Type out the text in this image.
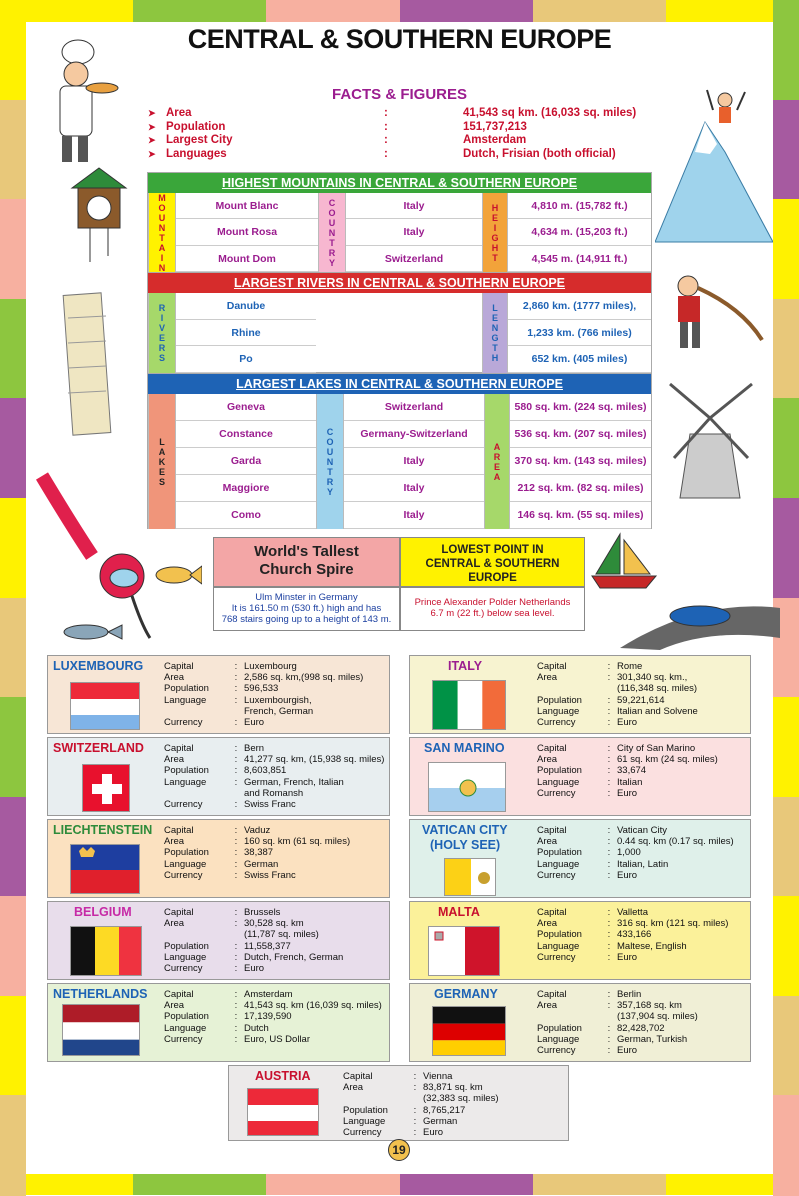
CENTRAL & SOUTHERN EUROPE
FACTS & FIGURES
➤ Area	:	41,543 sq km. (16,033 sq. miles)
➤ Population	:	151,737,213
➤ Largest City	:	Amsterdam
➤ Languages	:	Dutch, Frisian (both official)
HIGHEST MOUNTAINS IN CENTRAL & SOUTHERN EUROPE
M
O
U
N
T
A
I
N
C
O
U
N
T
R
Y
H
E
I
G
H
T
Mount Blanc	Italy	4,810 m. (15,782 ft.)
Mount Rosa	Italy	4,634 m. (15,203 ft.)
Mount Dom	Switzerland	4,545 m. (14,911 ft.)
LARGEST RIVERS IN CENTRAL & SOUTHERN EUROPE
R
I
V
E
R
S
L
E
N
G
T
H
Danube	2,860 km. (1777 miles),
Rhine	1,233 km. (766 miles)
Po	652 km. (405 miles)
LARGEST LAKES IN CENTRAL & SOUTHERN EUROPE
L
A
K
E
S
C
O
U
N
T
R
Y
A
R
E
A
Geneva	Switzerland	580 sq. km. (224 sq. miles)
Constance	Germany-Switzerland	536 sq. km. (207 sq. miles)
Garda	Italy	370 sq. km. (143 sq. miles)
Maggiore	Italy	212 sq. km. (82 sq. miles)
Como	Italy	146 sq. km. (55 sq. miles)
World's Tallest Church Spire
LOWEST POINT IN CENTRAL & SOUTHERN EUROPE
Ulm Minster in Germany
It is 161.50 m (530 ft.) high and has
768 stairs going up to a height of 143 m.
Prince Alexander Polder Netherlands
6.7 m (22 ft.) below sea level.
LUXEMBOURG Capital	:	Luxembourg
Area	:	2,586 sq. km,(998 sq. miles)
Population	:	596,533
Language	:	Luxembourgish,
		French, German
Currency	:	Euro
SWITZERLAND Capital	:	Bern
Area	:	41,277 sq. km, (15,938 sq. miles)
Population	:	8,603,851
Language	:	German, French, Italian
		and Romansh
Currency	:	Swiss Franc
LIECHTENSTEIN Capital	:	Vaduz
Area	:	160 sq. km (61 sq. miles)
Population	:	38,387
Language	:	German
Currency	:	Swiss Franc
BELGIUM	Capital	:	Brussels
Area	:	30,528 sq. km
		(11,787 sq. miles)
Population	:	11,558,377
Language	:	Dutch, French, German
Currency	:	Euro
NETHERLANDS Capital	:	Amsterdam
Area	:	41,543 sq. km (16,039 sq. miles)
Population	:	17,139,590
Language	:	Dutch
Currency	:	Euro, US Dollar
ITALY	Capital	:	Rome
Area	:	301,340 sq. km.,
		(116,348 sq. miles)
Population	:	59,221,614
Language	:	Italian and Solvene
Currency	:	Euro
SAN MARINO	Capital	:	City of San Marino
Area	:	61 sq. km (24 sq. miles)
Population	:	33,674
Language	:	Italian
Currency	:	Euro
VATICAN CITY
(HOLY SEE)
Capital	:	Vatican City
Area	:	0.44 sq. km (0.17 sq. miles)
Population	:	1,000
Language	:	Italian, Latin
Currency	:	Euro
MALTA	Capital	:	Valletta
Area	:	316 sq. km (121 sq. miles)
Population	:	433,166
Language	:	Maltese, English
Currency	:	Euro
GERMANY	Capital	:	Berlin
Area	:	357,168 sq. km
		(137,904 sq. miles)
Population	:	82,428,702
Language	:	German, Turkish
Currency	:	Euro
AUSTRIA	Capital	:	Vienna
Area	:	83,871 sq. km
		(32,383 sq. miles)
Population	:	8,765,217
Language	:	German
Currency	:	Euro
19
